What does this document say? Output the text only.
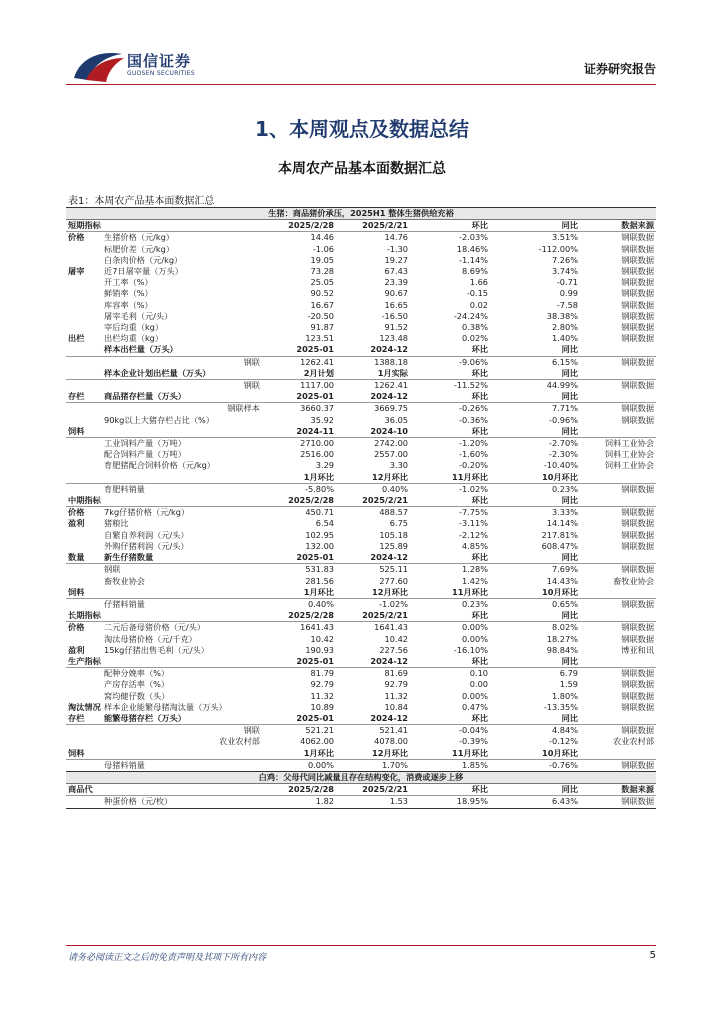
国信证券
GUOSEN SECURITIES	证券研究报告
1、本周观点及数据总结
本周农产品基本面数据汇总
表1：本周农产品基本面数据汇总
生猪：商品猪价承压，2025H1 整体生猪供给充裕						
短期指标		2025/2/28	2025/2/21	环比	同比	数据来源
价格	生猪价格（元/kg）	14.46	14.76	-2.03%	3.51%	钢联数据
	标肥价差（元/kg）	-1.06	-1.30	18.46%	-112.00%	钢联数据
	白条肉价格（元/kg）	19.05	19.27	-1.14%	7.26%	钢联数据
屠宰	近7日屠宰量（万头）	73.28	67.43	8.69%	3.74%	钢联数据
	开工率（%）	25.05	23.39	1.66	-0.71	钢联数据
	鲜销率（%）	90.52	90.67	-0.15	0.99	钢联数据
	库容率（%）	16.67	16.65	0.02	-7.58	钢联数据
	屠宰毛利（元/头）	-20.50	-16.50	-24.24%	38.38%	钢联数据
	宰后均重（kg）	91.87	91.52	0.38%	2.80%	钢联数据
出栏	出栏均重（kg）	123.51	123.48	0.02%	1.40%	钢联数据
	样本出栏量（万头）	2025-01	2024-12	环比	同比	
	钢联	1262.41	1388.18	-9.06%	6.15%	钢联数据
	样本企业计划出栏量（万头）	2月计划	1月实际	环比	同比	
	钢联	1117.00	1262.41	-11.52%	44.99%	钢联数据
存栏	商品猪存栏量（万头）	2025-01	2024-12	环比	同比	
	钢联样本	3660.37	3669.75	-0.26%	7.71%	钢联数据
	90kg以上大猪存栏占比（%）	35.92	36.05	-0.36%	-0.96%	钢联数据
饲料		2024-11	2024-10	环比	同比	
	工业饲料产量（万吨）	2710.00	2742.00	-1.20%	-2.70%	饲料工业协会
	配合饲料产量（万吨）	2516.00	2557.00	-1.60%	-2.30%	饲料工业协会
	育肥猪配合饲料价格（元/kg）	3.29	3.30	-0.20%	-10.40%	饲料工业协会
		1月环比	12月环比	11月环比	10月环比	
	育肥料销量	-5.80%	0.40%	-1.02%	0.23%	钢联数据
中期指标		2025/2/28	2025/2/21	环比	同比	
价格	7kg仔猪价格（元/kg）	450.71	488.57	-7.75%	3.33%	钢联数据
盈利	猪粮比	6.54	6.75	-3.11%	14.14%	钢联数据
	自繁自养利润（元/头）	102.95	105.18	-2.12%	217.81%	钢联数据
	外购仔猪利润（元/头）	132.00	125.89	4.85%	608.47%	钢联数据
数量	新生仔猪数量	2025-01	2024-12	环比	同比	
	钢联	531.83	525.11	1.28%	7.69%	钢联数据
	畜牧业协会	281.56	277.60	1.42%	14.43%	畜牧业协会
饲料		1月环比	12月环比	11月环比	10月环比	
	仔猪料销量	0.40%	-1.02%	0.23%	0.65%	钢联数据
长期指标		2025/2/28	2025/2/21	环比	同比	
价格	二元后备母猪价格（元/头）	1641.43	1641.43	0.00%	8.02%	钢联数据
	淘汰母猪价格（元/千克）	10.42	10.42	0.00%	18.27%	钢联数据
盈利	15kg仔猪出售毛利（元/头）	190.93	227.56	-16.10%	98.84%	博亚和讯
生产指标		2025-01	2024-12	环比	同比	
	配种分娩率（%）	81.79	81.69	0.10	6.79	钢联数据
	产房存活率（%）	92.79	92.79	0.00	1.59	钢联数据
	窝均健仔数（头）	11.32	11.32	0.00%	1.80%	钢联数据
淘汰情况	样本企业能繁母猪淘汰量（万头）	10.89	10.84	0.47%	-13.35%	钢联数据
存栏	能繁母猪存栏（万头）	2025-01	2024-12	环比	同比	
	钢联	521.21	521.41	-0.04%	4.84%	钢联数据
	农业农村部	4062.00	4078.00	-0.39%	-0.12%	农业农村部
饲料		1月环比	12月环比	11月环比	10月环比	
	母猪料销量	0.00%	1.70%	1.85%	-0.76%	钢联数据
白鸡：父母代同比减量且存在结构变化，消费或逐步上移						
商品代		2025/2/28	2025/2/21	环比	同比	数据来源
	种蛋价格（元/枚）	1.82	1.53	18.95%	6.43%	钢联数据
请务必阅读正文之后的免责声明及其项下所有内容	5
